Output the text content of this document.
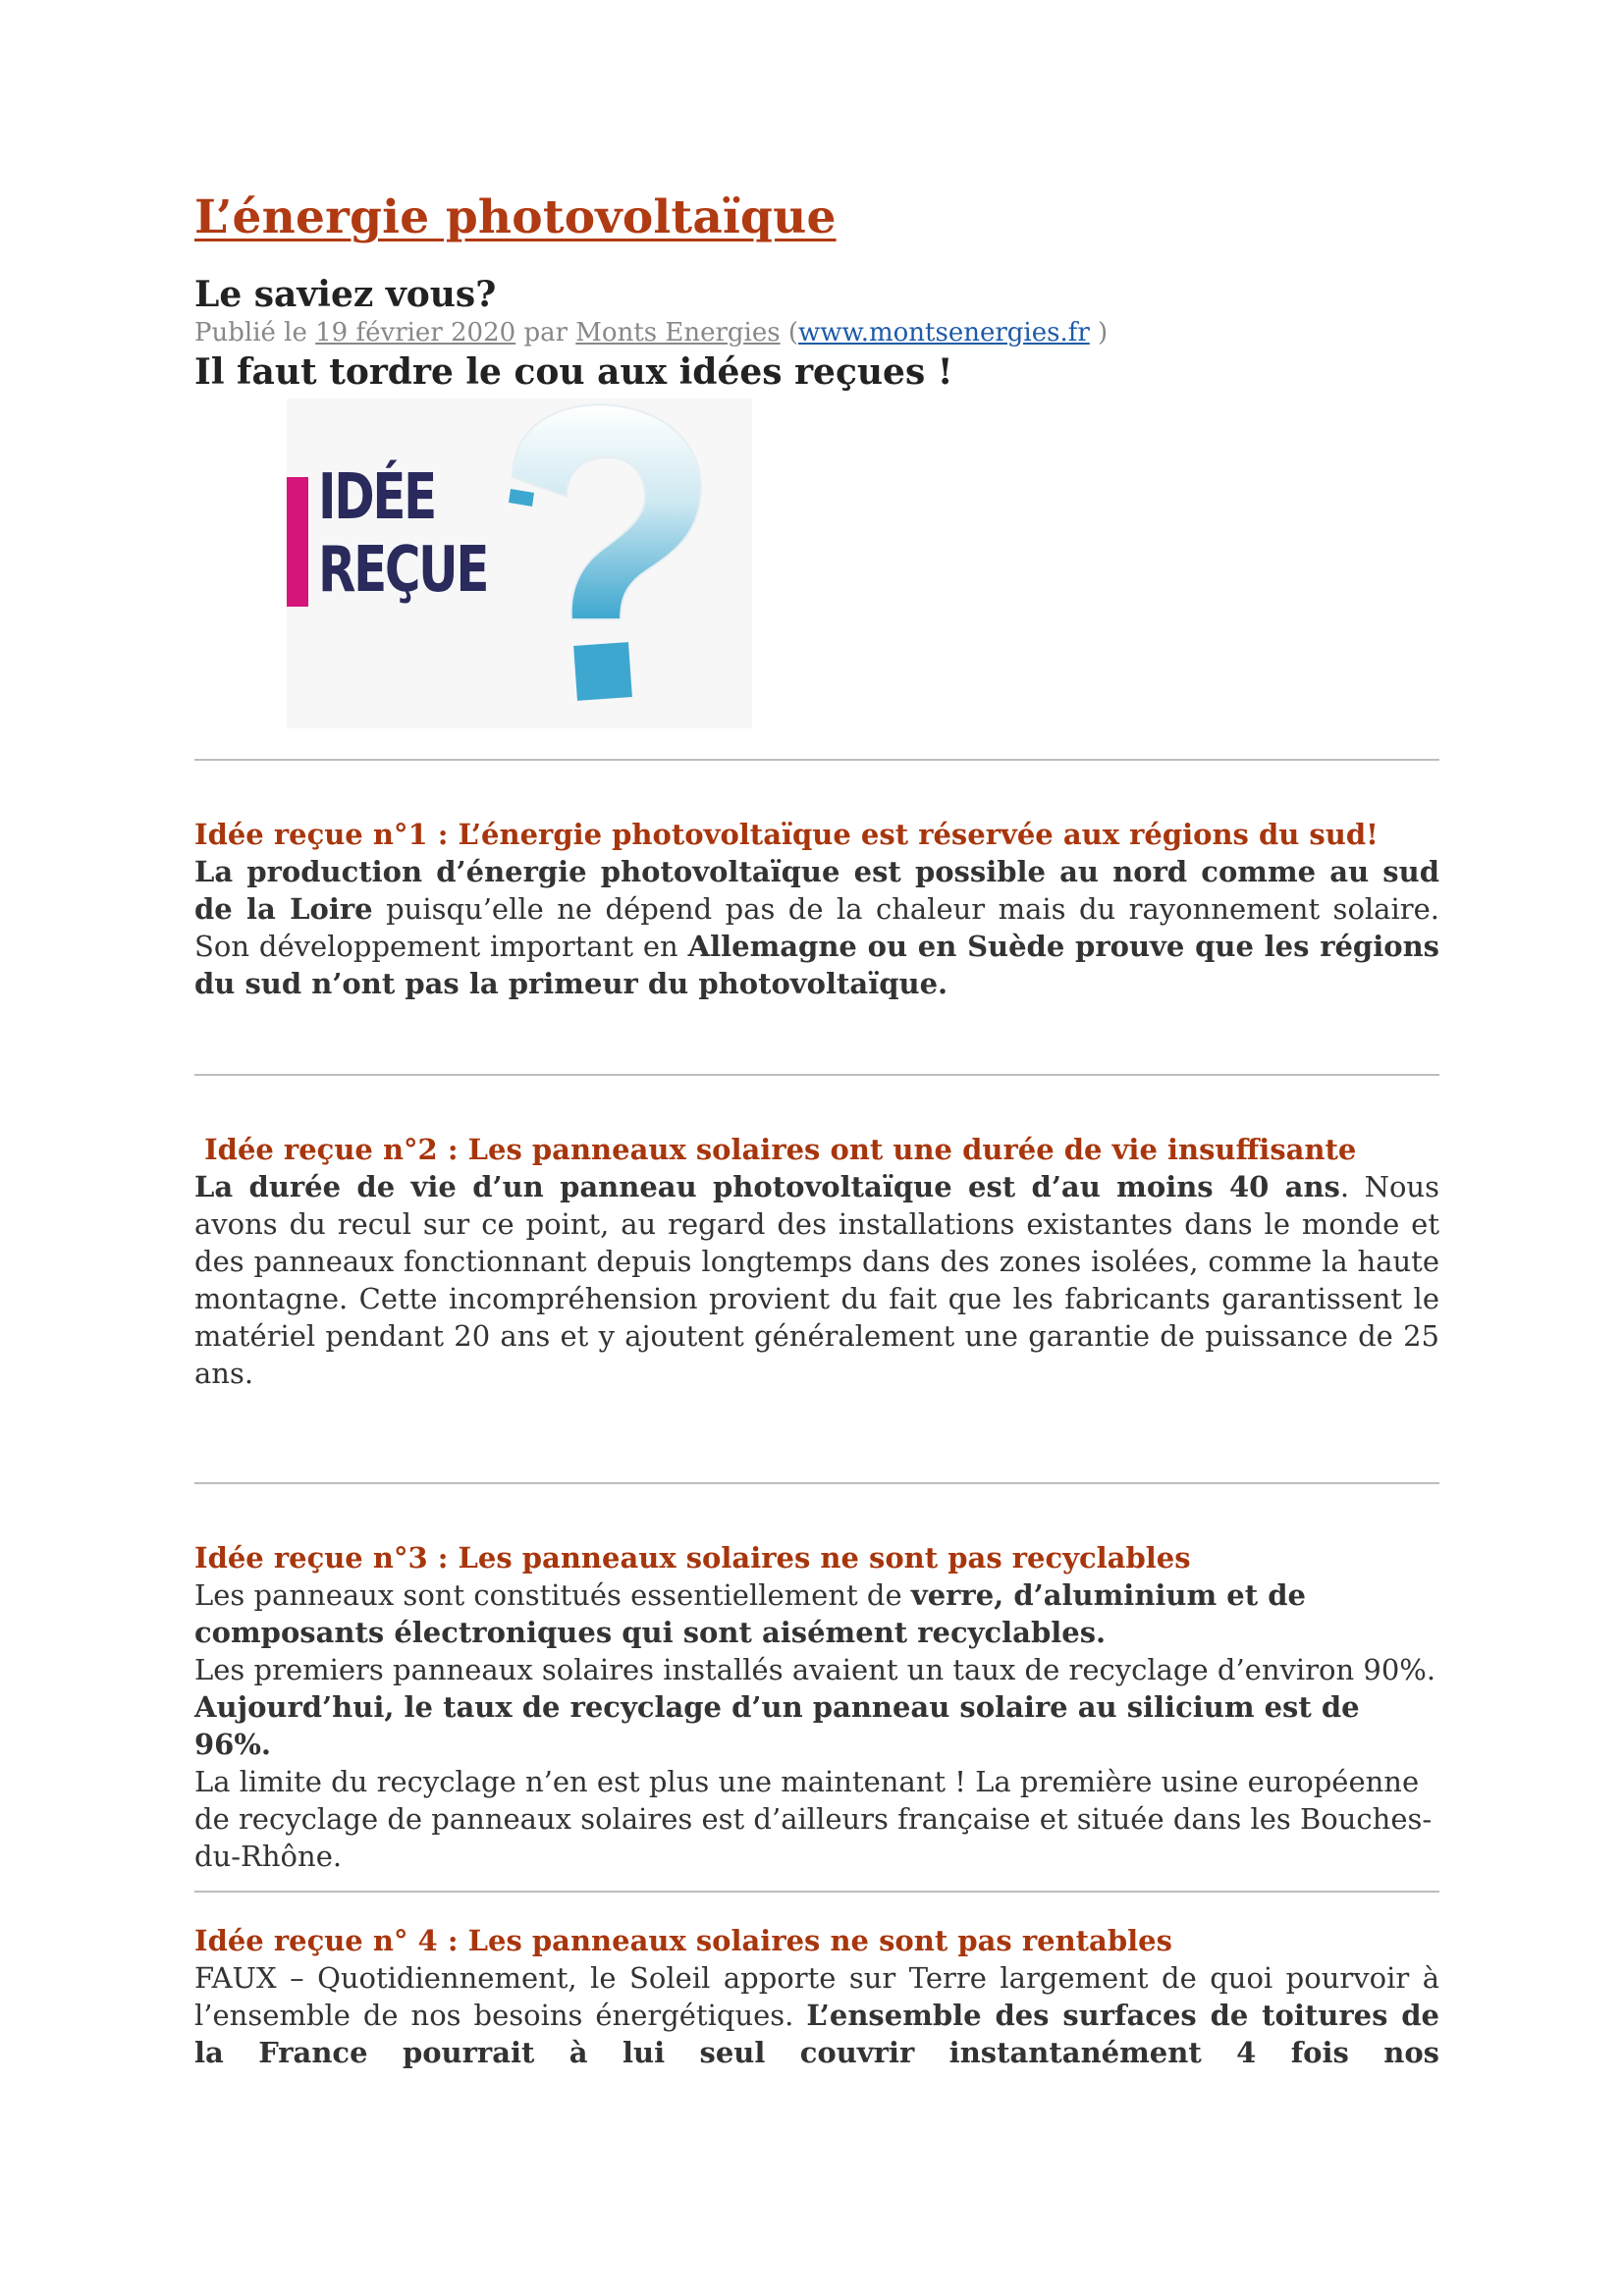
L’énergie photovoltaïque
Le saviez vous?

Publié le 19 février 2020 par Monts Energies (www.montsenergies.fr )

Il faut tordre le cou aux idées reçues !
IDÉE
REÇUE

Idée reçue n°1 : L’énergie photovoltaïque est réservée aux régions du sud!

La production d’énergie photovoltaïque est possible au nord comme au sud de la Loire puisqu’elle ne dépend pas de la chaleur mais du rayonnement solaire. Son développement important en Allemagne ou en Suède prouve que les régions du sud n’ont pas la primeur du photovoltaïque.

Idée reçue n°2 : Les panneaux solaires ont une durée de vie insuffisante

La durée de vie d’un panneau photovoltaïque est d’au moins 40 ans. Nous avons du recul sur ce point, au regard des installations existantes dans le monde et des panneaux fonctionnant depuis longtemps dans des zones isolées, comme la haute montagne. Cette incompréhension provient du fait que les fabricants garantissent le matériel pendant 20 ans et y ajoutent généralement une garantie de puissance de 25 ans.

Idée reçue n°3 : Les panneaux solaires ne sont pas recyclables

Les panneaux sont constitués essentiellement de verre, d’aluminium et de composants électroniques qui sont aisément recyclables.

Les premiers panneaux solaires installés avaient un taux de recyclage d’environ 90%.

Aujourd’hui, le taux de recyclage d’un panneau solaire au silicium est de 96%.

La limite du recyclage n’en est plus une maintenant ! La première usine européenne de recyclage de panneaux solaires est d’ailleurs française et située dans les Bouches-du-Rhône.

Idée reçue n° 4 : Les panneaux solaires ne sont pas rentables

FAUX – Quotidiennement, le Soleil apporte sur Terre largement de quoi pourvoir à l’ensemble de nos besoins énergétiques. L’ensemble des surfaces de toitures de la France pourrait à lui seul couvrir instantanément 4 fois nos
